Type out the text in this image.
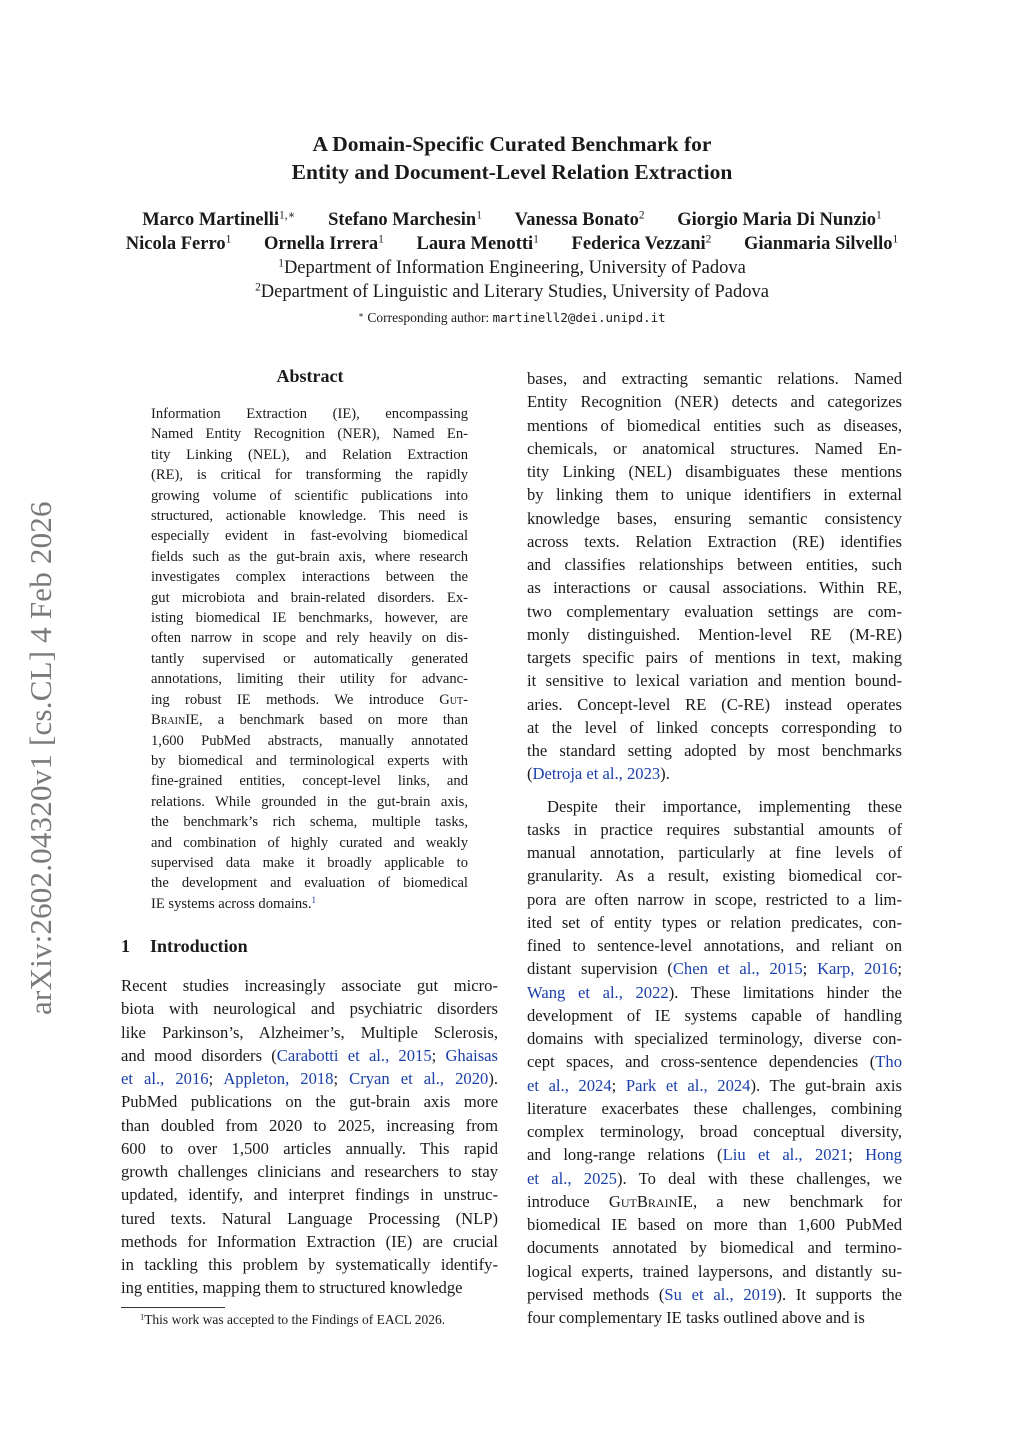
A Domain-Specific Curated Benchmark for
Entity and Document-Level Relation Extraction
Marco Martinelli$^{1,∗}$ Stefano Marchesin$^1$ Vanessa Bonato$^2$ Giorgio Maria Di Nunzio$^1$
Nicola Ferro$^1$ Ornella Irrera$^1$ Laura Menotti$^1$ Federica Vezzani$^2$ Gianmaria Silvello$^1$
$^1$Department of Information Engineering, University of Padova
$^2$Department of Linguistic and Literary Studies, University of Padova
∗ Corresponding author: martinell2@dei.unipd.it
arXiv:2602.04320v1 [cs.CL] 4 Feb 2026
Abstract
Information Extraction (IE), encompassing
Named Entity Recognition (NER), Named En-
tity Linking (NEL), and Relation Extraction
(RE), is critical for transforming the rapidly
growing volume of scientific publications into
structured, actionable knowledge. This need is
especially evident in fast-evolving biomedical
fields such as the gut-brain axis, where research
investigates complex interactions between the
gut microbiota and brain-related disorders. Ex-
isting biomedical IE benchmarks, however, are
often narrow in scope and rely heavily on dis-
tantly supervised or automatically generated
annotations, limiting their utility for advanc-
ing robust IE methods. We introduce Gut-
BrainIE, a benchmark based on more than
1,600 PubMed abstracts, manually annotated
by biomedical and terminological experts with
fine-grained entities, concept-level links, and
relations. While grounded in the gut-brain axis,
the benchmark’s rich schema, multiple tasks,
and combination of highly curated and weakly
supervised data make it broadly applicable to
the development and evaluation of biomedical
IE systems across domains.$^1$
1 Introduction
Recent studies increasingly associate gut micro-
biota with neurological and psychiatric disorders
like Parkinson’s, Alzheimer’s, Multiple Sclerosis,
and mood disorders (Carabotti et al., 2015; Ghaisas
et al., 2016; Appleton, 2018; Cryan et al., 2020).
PubMed publications on the gut-brain axis more
than doubled from 2020 to 2025, increasing from
600 to over 1,500 articles annually. This rapid
growth challenges clinicians and researchers to stay
updated, identify, and interpret findings in unstruc-
tured texts. Natural Language Processing (NLP)
methods for Information Extraction (IE) are crucial
in tackling this problem by systematically identify-
ing entities, mapping them to structured knowledge
bases, and extracting semantic relations. Named
Entity Recognition (NER) detects and categorizes
mentions of biomedical entities such as diseases,
chemicals, or anatomical structures. Named En-
tity Linking (NEL) disambiguates these mentions
by linking them to unique identifiers in external
knowledge bases, ensuring semantic consistency
across texts. Relation Extraction (RE) identifies
and classifies relationships between entities, such
as interactions or causal associations. Within RE,
two complementary evaluation settings are com-
monly distinguished. Mention-level RE (M-RE)
targets specific pairs of mentions in text, making
it sensitive to lexical variation and mention bound-
aries. Concept-level RE (C-RE) instead operates
at the level of linked concepts corresponding to
the standard setting adopted by most benchmarks
(Detroja et al., 2023).
Despite their importance, implementing these
tasks in practice requires substantial amounts of
manual annotation, particularly at fine levels of
granularity. As a result, existing biomedical cor-
pora are often narrow in scope, restricted to a lim-
ited set of entity types or relation predicates, con-
fined to sentence-level annotations, and reliant on
distant supervision (Chen et al., 2015; Karp, 2016;
Wang et al., 2022). These limitations hinder the
development of IE systems capable of handling
domains with specialized terminology, diverse con-
cept spaces, and cross-sentence dependencies (Tho
et al., 2024; Park et al., 2024). The gut-brain axis
literature exacerbates these challenges, combining
complex terminology, broad conceptual diversity,
and long-range relations (Liu et al., 2021; Hong
et al., 2025). To deal with these challenges, we
introduce GutBrainIE, a new benchmark for
biomedical IE based on more than 1,600 PubMed
documents annotated by biomedical and termino-
logical experts, trained laypersons, and distantly su-
pervised methods (Su et al., 2019). It supports the
four complementary IE tasks outlined above and is
$^1$This work was accepted to the Findings of EACL 2026.
